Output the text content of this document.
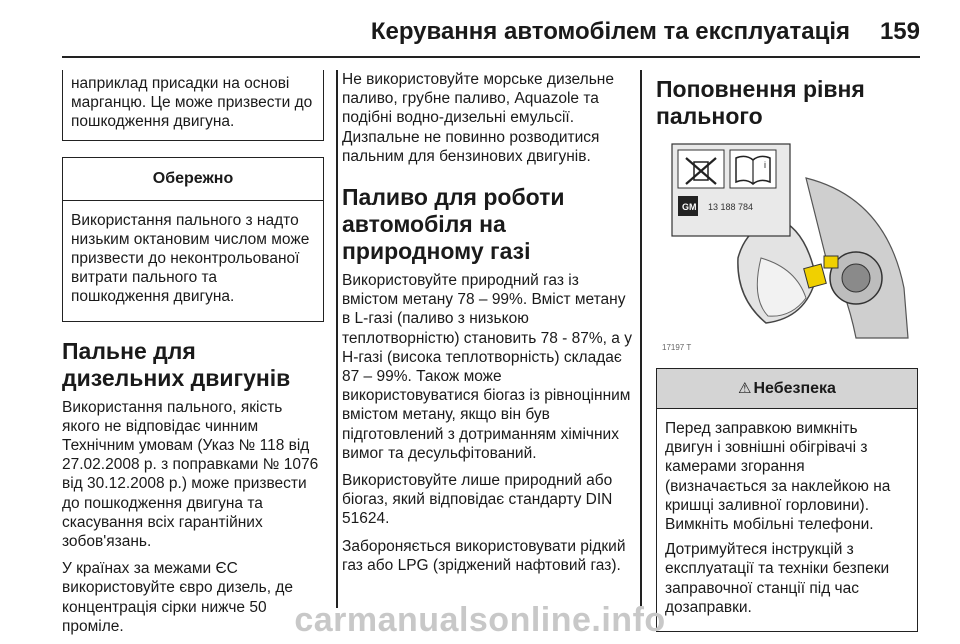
Керування автомобілем та експлуатація 159

наприклад присадки на основі марганцю. Це може призвести до пошкодження двигуна.

Обережно

Використання пального з надто низьким октановим числом може призвести до неконтрольованої витрати пального та пошкодження двигуна.

Пальне для дизельних двигунів

Використання пального, якість якого не відповідає чинним Технічним умовам (Указ № 118 від 27.02.2008 р. з поправками № 1076 від 30.12.2008 р.) може призвести до пошкодження двигуна та скасування всіх гарантійних зобов'язань.

У країнах за межами ЄС використовуйте євро дизель, де концентрація сірки нижче 50 проміле.

Не використовуйте морське дизельне паливо, грубне паливо, Aquazole та подібні водно-дизельні емульсії. Дизпальне не повинно розводитися пальним для бензинових двигунів.

Паливо для роботи автомобіля на природному газі

Використовуйте природний газ із вмістом метану 78 – 99%. Вміст метану в L-газі (паливо з низькою теплотворністю) становить 78 - 87%, а у H-газі (висока теплотворність) складає 87 – 99%. Також може використовуватися біогаз із рівноцінним вмістом метану, якщо він був підготовлений з дотриманням хімічних вимог та десульфітований.

Використовуйте лише природний або біогаз, який відповідає стандарту DIN 51624.

Забороняється використовувати рідкий газ або LPG (зріджений нафтовий газ).

Поповнення рівня пального
i
GM 13 188 784
17197 T
⚠ Небезпека

Перед заправкою вимкніть двигун і зовнішні обігрівачі з камерами згорання (визначається за наклейкою на кришці заливної горловини). Вимкніть мобільні телефони.

Дотримуйтеся інструкцій з експлуатації та техніки безпеки заправочної станції під час дозаправки.

carmanualsonline.info
